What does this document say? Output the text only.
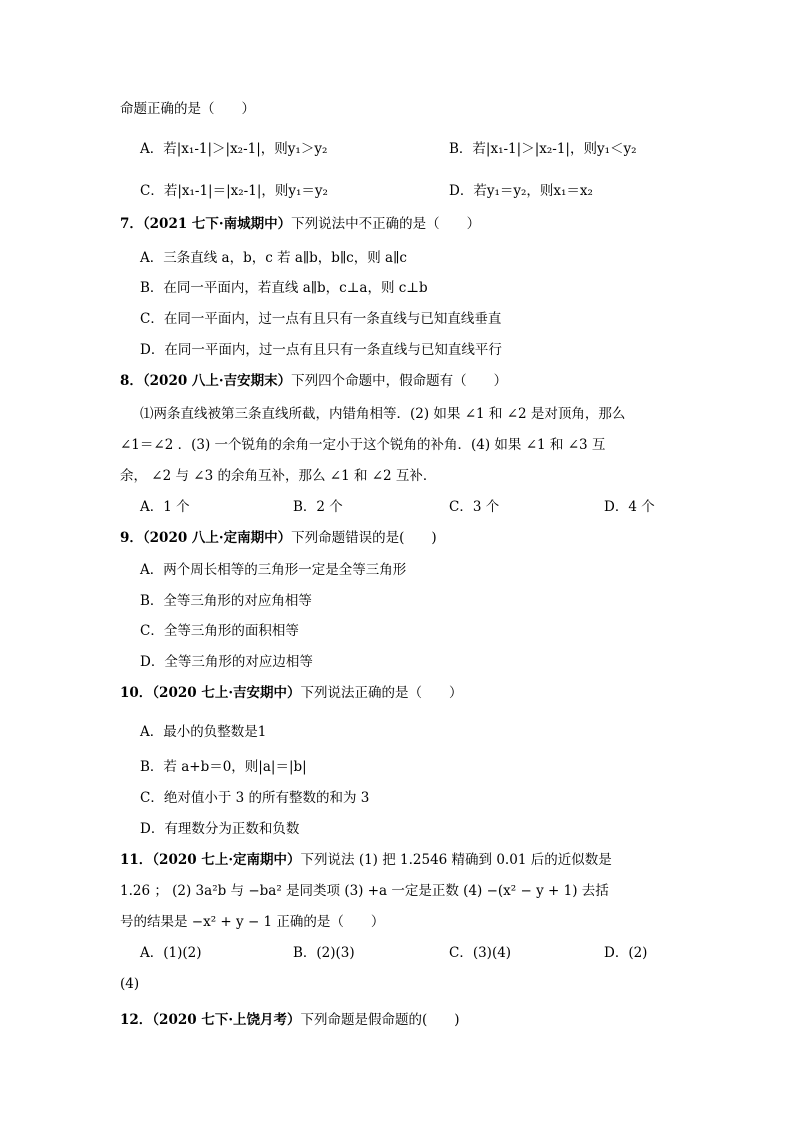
命题正确的是（　　）
A．若|x₁-1|＞|x₂-1|，则y₁＞y₂	B．若|x₁-1|＞|x₂-1|，则y₁＜y₂
C．若|x₁-1|＝|x₂-1|，则y₁＝y₂	D．若y₁＝y₂，则x₁＝x₂
7．（2021 七下·南城期中）下列说法中不正确的是（　　）
A．三条直线 a，b，c 若 a∥b，b∥c，则 a∥c
B．在同一平面内，若直线 a∥b，c⊥a，则 c⊥b
C．在同一平面内，过一点有且只有一条直线与已知直线垂直
D．在同一平面内，过一点有且只有一条直线与已知直线平行
8．（2020 八上·吉安期末）下列四个命题中，假命题有（　　）
⑴两条直线被第三条直线所截，内错角相等．(2) 如果 ∠1 和 ∠2 是对顶角，那么
∠1＝∠2 ．(3) 一个锐角的余角一定小于这个锐角的补角．(4) 如果 ∠1 和 ∠3 互
余， ∠2 与 ∠3 的余角互补，那么 ∠1 和 ∠2 互补．
A．1 个	B．2 个	C．3 个	D．4 个
9．（2020 八上·定南期中）下列命题错误的是(　　)
A．两个周长相等的三角形一定是全等三角形
B．全等三角形的对应角相等
C．全等三角形的面积相等
D．全等三角形的对应边相等
10．（2020 七上·吉安期中）下列说法正确的是（　　）
A．最小的负整数是1
B．若 a+b＝0，则|a|＝|b|
C．绝对值小于 3 的所有整数的和为 3
D．有理数分为正数和负数
11．（2020 七上·定南期中）下列说法 (1) 把 1.2546 精确到 0.01 后的近似数是
1.26 ； (2) 3a²b 与 −ba² 是同类项 (3) +a 一定是正数 (4) −(x² − y + 1) 去括
号的结果是 −x² + y − 1 正确的是（　　）
A．(1)(2)	B．(2)(3)	C．(3)(4)	D．(2)
(4)
12．（2020 七下·上饶月考）下列命题是假命题的(　　)
